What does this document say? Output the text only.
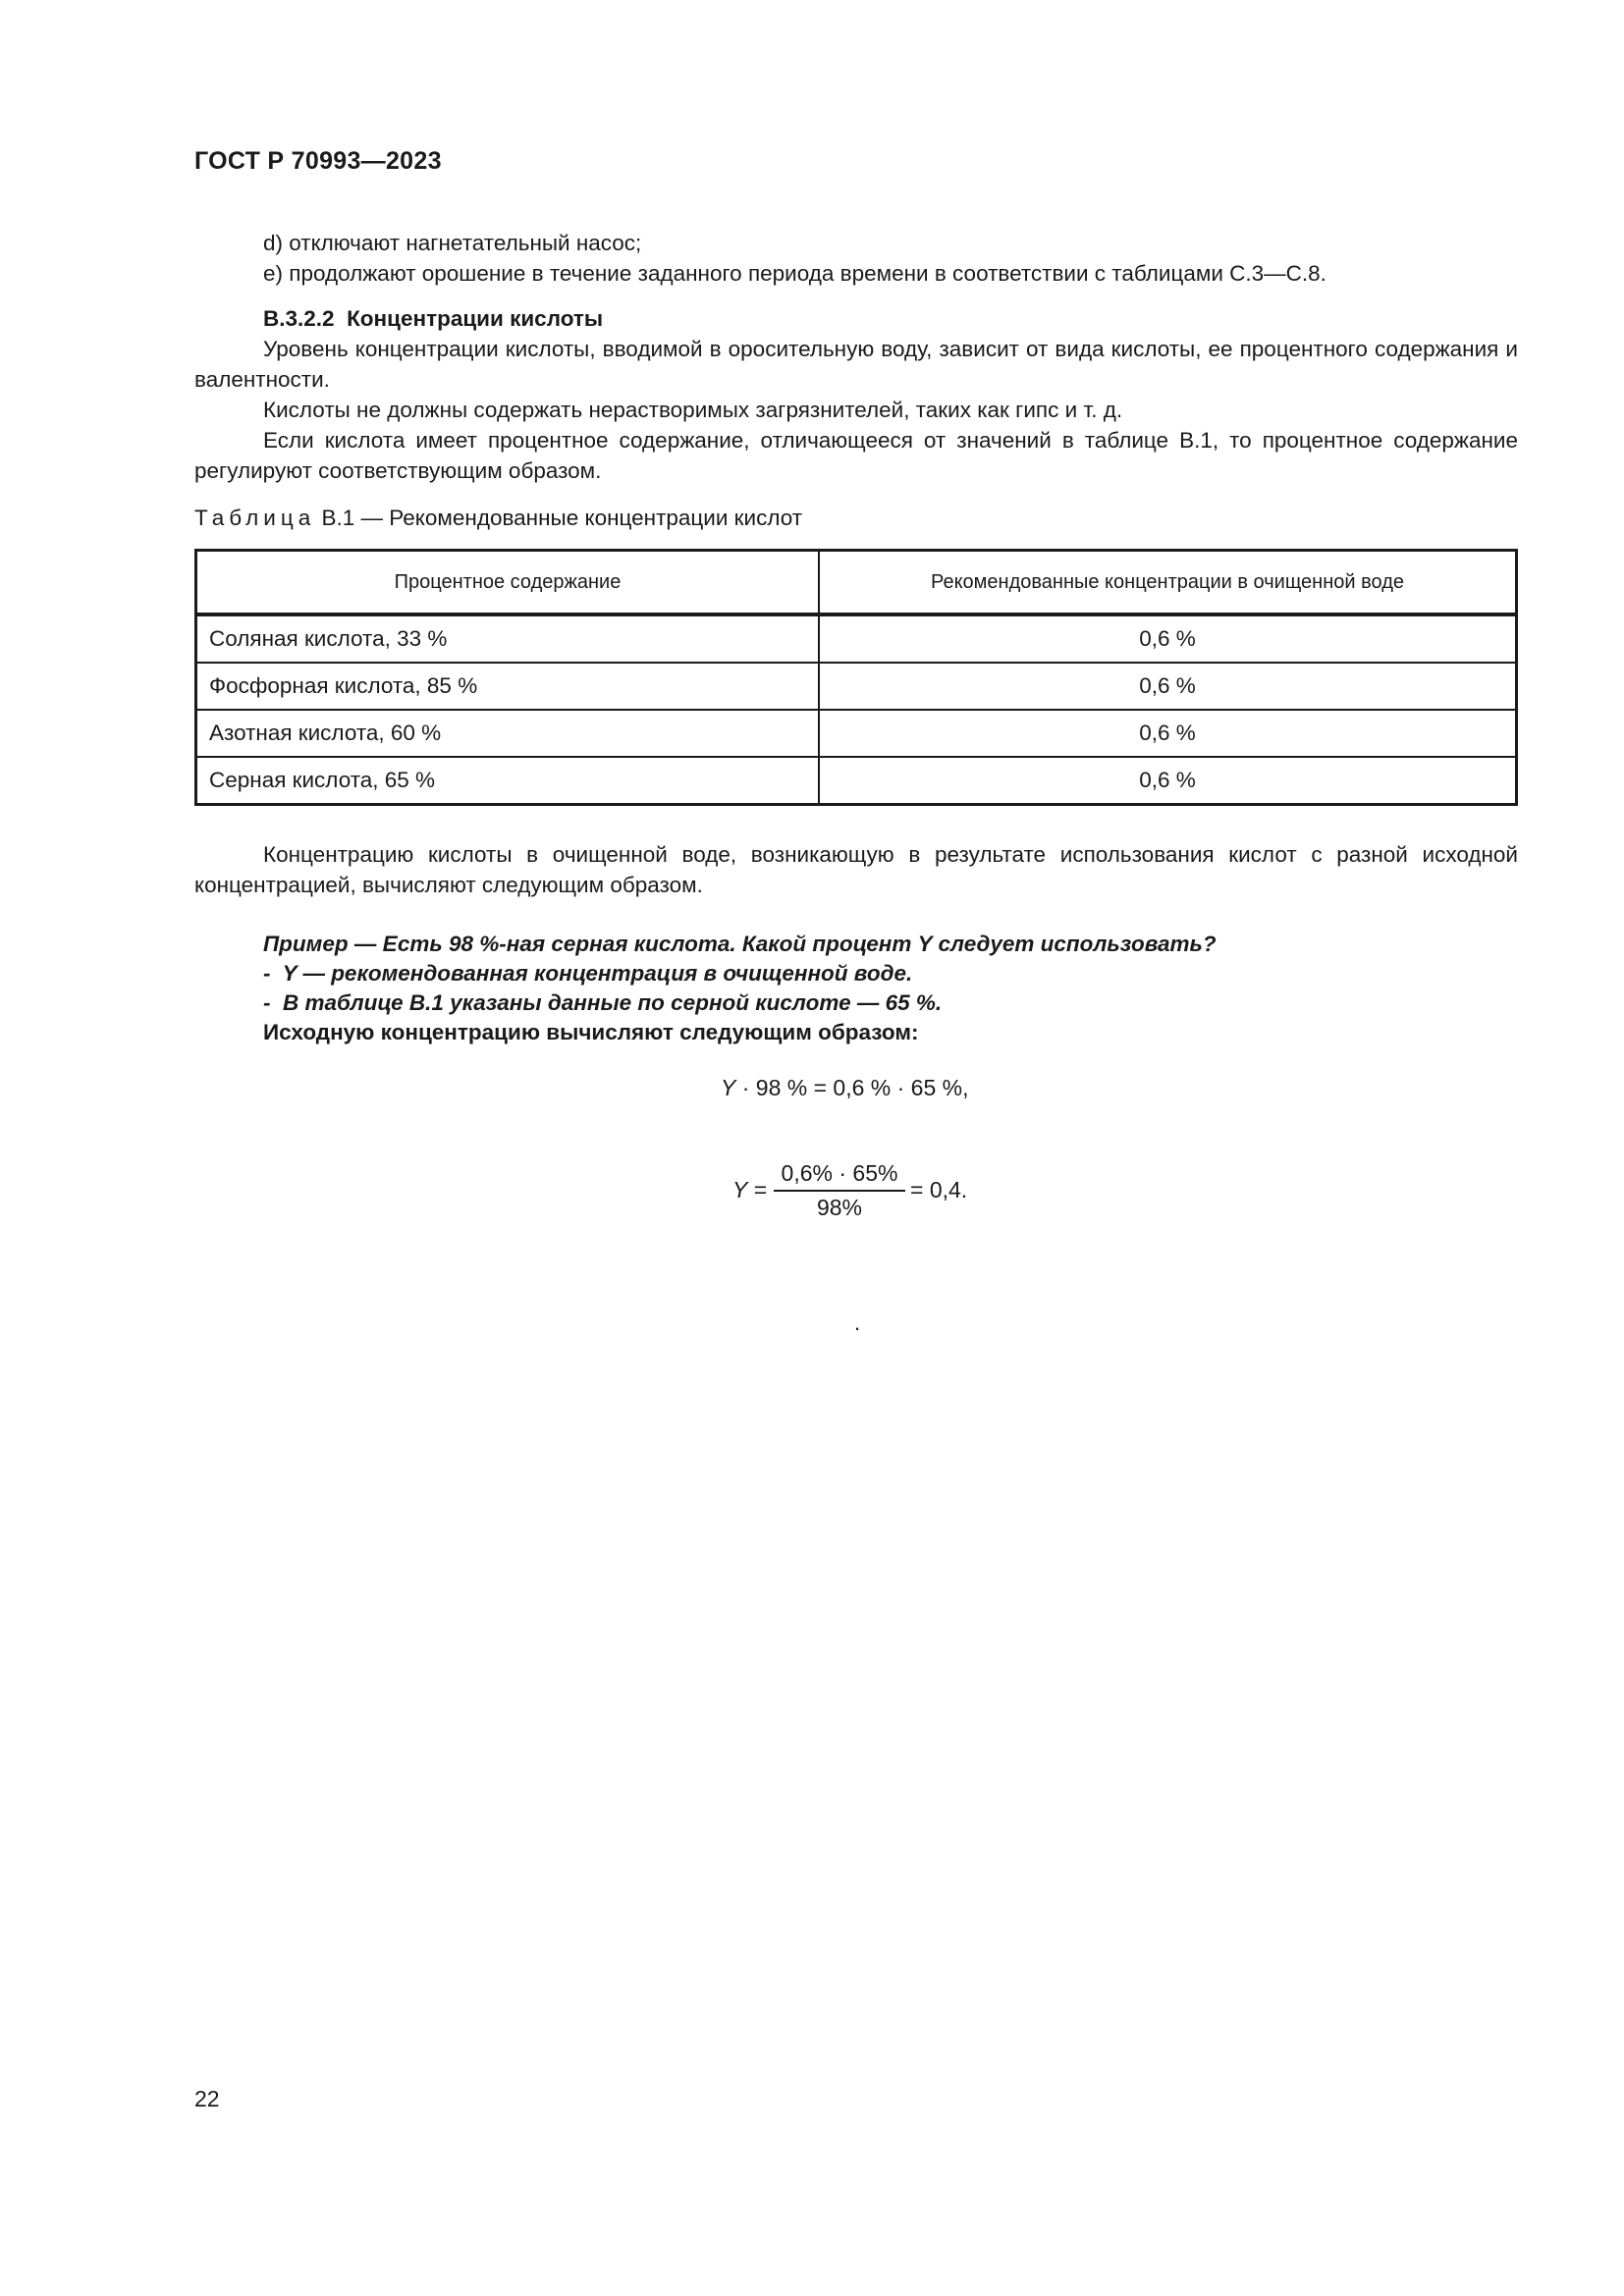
ГОСТ Р 70993—2023
d) отключают нагнетательный насос;
e) продолжают орошение в течение заданного периода времени в соответствии с таблицами С.3—С.8.
В.3.2.2 Концентрации кислоты
Уровень концентрации кислоты, вводимой в оросительную воду, зависит от вида кислоты, ее процентного содержания и валентности.
Кислоты не должны содержать нерастворимых загрязнителей, таких как гипс и т. д.
Если кислота имеет процентное содержание, отличающееся от значений в таблице В.1, то процентное содержание регулируют соответствующим образом.
Таблица В.1 — Рекомендованные концентрации кислот
Процентное содержание	Рекомендованные концентрации в очищенной воде
Соляная кислота, 33 %	0,6 %
Фосфорная кислота, 85 %	0,6 %
Азотная кислота, 60 %	0,6 %
Серная кислота, 65 %	0,6 %
Концентрацию кислоты в очищенной воде, возникающую в результате использования кислот с разной исходной концентрацией, вычисляют следующим образом.
Пример — Есть 98 %-ная серная кислота. Какой процент Y следует использовать?
-  Y — рекомендованная концентрация в очищенной воде.
-  В таблице В.1 указаны данные по серной кислоте — 65 %.
Исходную концентрацию вычисляют следующим образом:
Y · 98 % = 0,6 % · 65 %,
Y =
0,6% · 65%
98%
= 0,4.
.
22
